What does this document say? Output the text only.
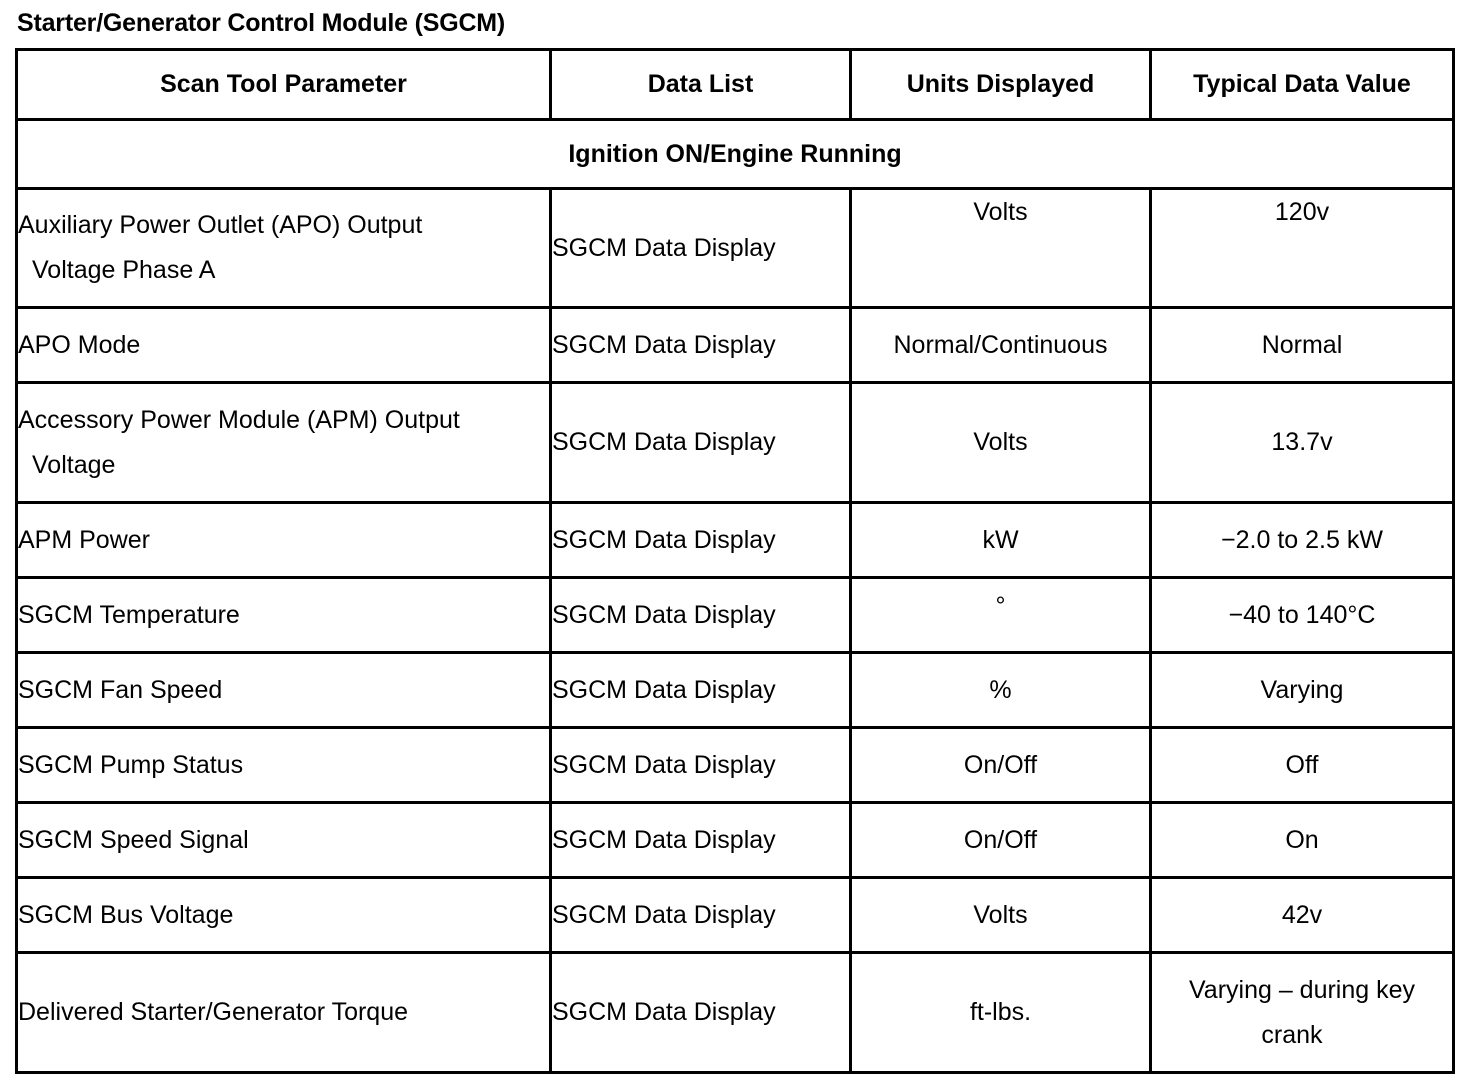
Starter/Generator Control Module (SGCM)
Scan Tool Parameter	Data List	Units Displayed	Typical Data Value
Ignition ON/Engine Running			
Auxiliary Power Outlet (APO) Output
Voltage Phase A	SGCM Data Display	Volts	120v
APO Mode	SGCM Data Display	Normal/Continuous	Normal
Accessory Power Module (APM) Output
Voltage	SGCM Data Display	Volts	13.7v
APM Power	SGCM Data Display	kW	−2.0 to 2.5 kW
SGCM Temperature	SGCM Data Display	°	−40 to 140°C
SGCM Fan Speed	SGCM Data Display	%	Varying
SGCM Pump Status	SGCM Data Display	On/Off	Off
SGCM Speed Signal	SGCM Data Display	On/Off	On
SGCM Bus Voltage	SGCM Data Display	Volts	42v
Delivered Starter/Generator Torque	SGCM Data Display	ft-lbs.	Varying – during key
crank
